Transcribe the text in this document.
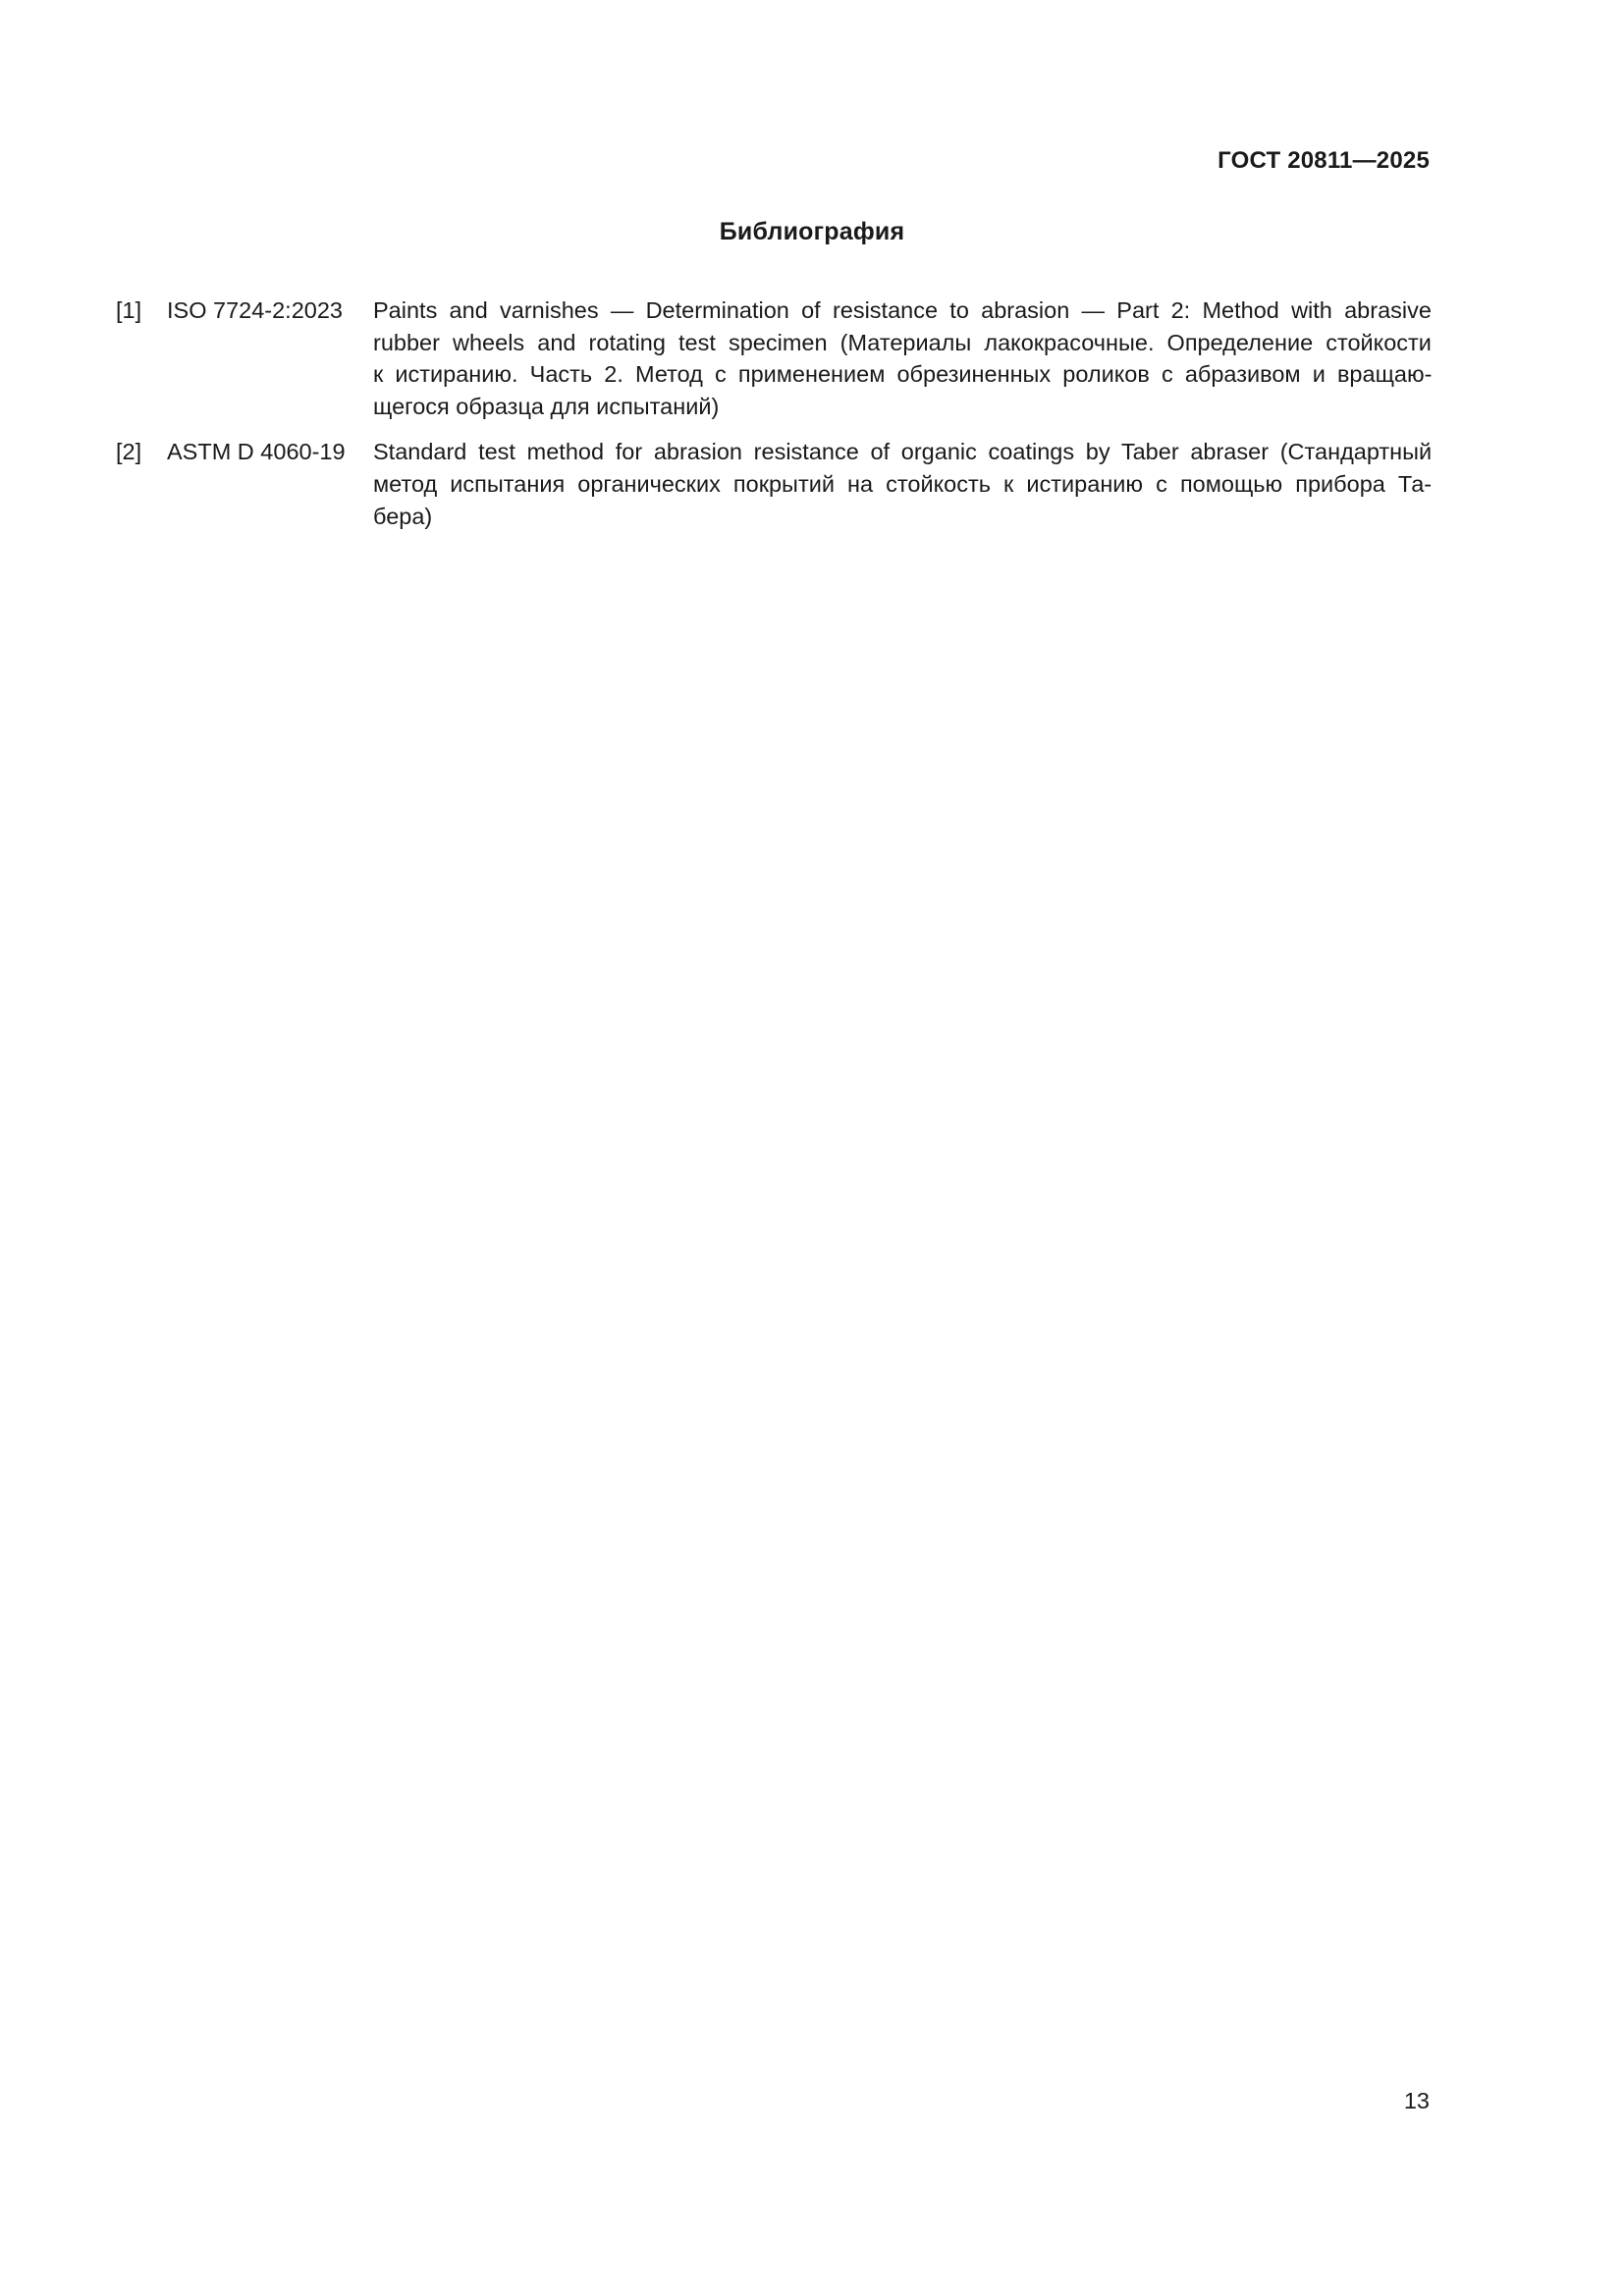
ГОСТ 20811—2025
Библиография
[1]	ISO 7724-2:2023	Paints and varnishes — Determination of resistance to abrasion — Part 2: Method with abrasive
rubber wheels and rotating test specimen (Материалы лакокрасочные. Определение стойкости
к истиранию. Часть 2. Метод с применением обрезиненных роликов с абразивом и вращаю-
щегося образца для испытаний)
[2]	ASTM D 4060-19	Standard test method for abrasion resistance of organic coatings by Taber abraser (Стандартный
метод испытания органических покрытий на стойкость к истиранию с помощью прибора Та-
бера)
13
